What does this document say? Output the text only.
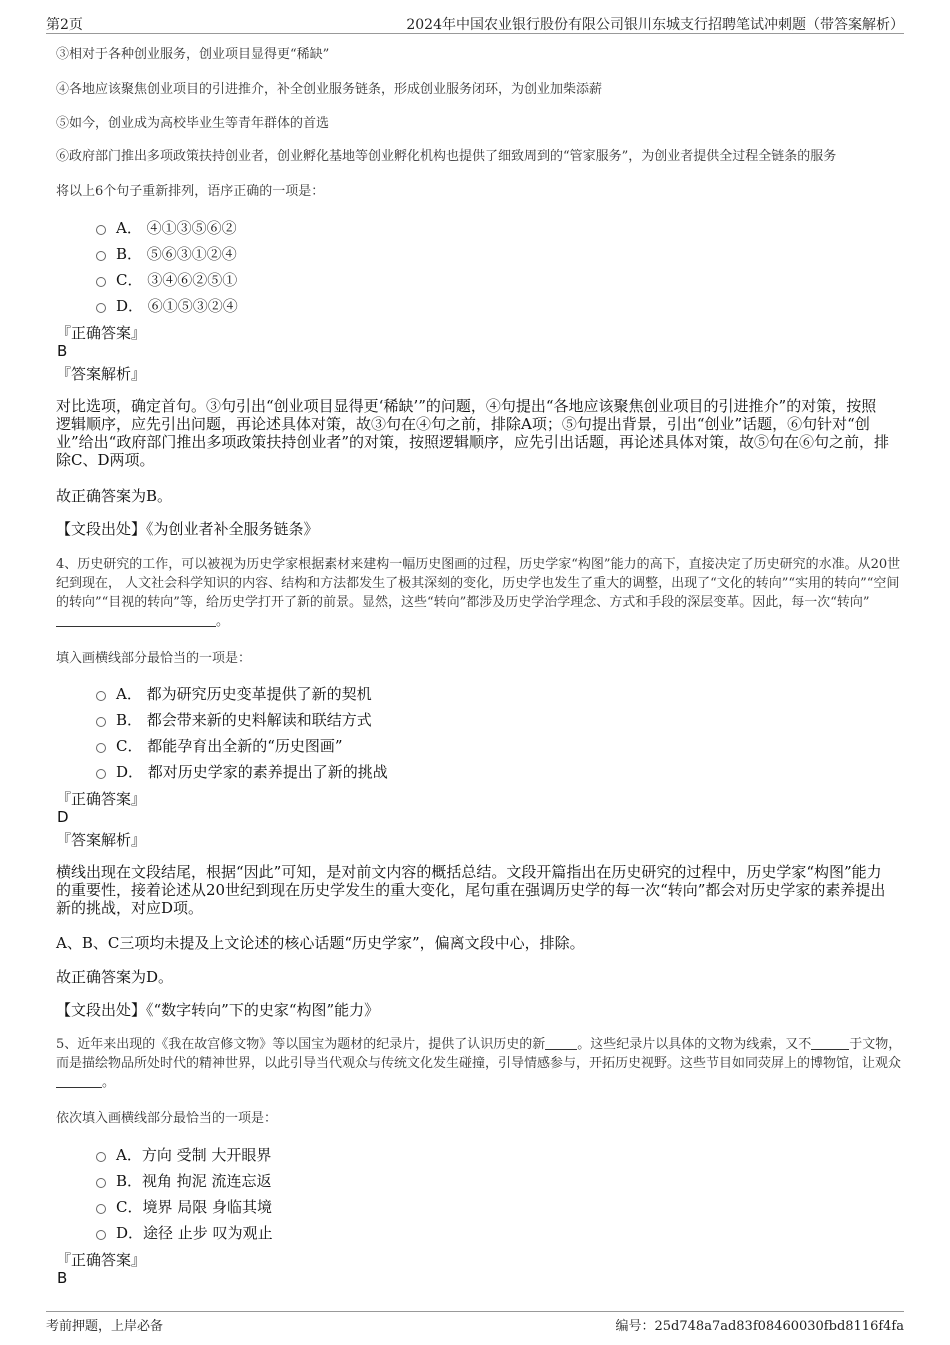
第2页	2024年中国农业银行股份有限公司银川东城支行招聘笔试冲刺题（带答案解析）
③相对于各种创业服务，创业项目显得更“稀缺”
④各地应该聚焦创业项目的引进推介，补全创业服务链条，形成创业服务闭环，为创业加柴添薪
⑤如今，创业成为高校毕业生等青年群体的首选
⑥政府部门推出多项政策扶持创业者，创业孵化基地等创业孵化机构也提供了细致周到的“管家服务”，为创业者提供全过程全链条的服务
将以上6个句子重新排列，语序正确的一项是：
A． ④①③⑤⑥②
B． ⑤⑥③①②④
C． ③④⑥②⑤①
D． ⑥①⑤③②④
『正确答案』
B
『答案解析』
对比选项，确定首句。③句引出“创业项目显得更‘稀缺’”的问题，④句提出“各地应该聚焦创业项目的引进推介”的对策，按照逻辑顺序，应先引出问题，再论述具体对策，故③句在④句之前，排除A项；⑤句提出背景，引出“创业”话题，⑥句针对“创业”给出“政府部门推出多项政策扶持创业者”的对策，按照逻辑顺序，应先引出话题，再论述具体对策，故⑤句在⑥句之前，排除C、D两项。
故正确答案为B。
【文段出处】《为创业者补全服务链条》
4、历史研究的工作，可以被视为历史学家根据素材来建构一幅历史图画的过程，历史学家“构图”能力的高下，直接决定了历史研究的水准。从20世纪到现在， 人文社会科学知识的内容、结构和方法都发生了极其深刻的变化，历史学也发生了重大的调整，出现了“文化的转向”“实用的转向”“空间的转向”“目视的转向”等，给历史学打开了新的前景。显然，这些“转向”都涉及历史学治学理念、方式和手段的深层变革。因此，每一次“转向”。
填入画横线部分最恰当的一项是：
A． 都为研究历史变革提供了新的契机
B． 都会带来新的史料解读和联结方式
C． 都能孕育出全新的“历史图画”
D． 都对历史学家的素养提出了新的挑战
『正确答案』
D
『答案解析』
横线出现在文段结尾，根据“因此”可知，是对前文内容的概括总结。文段开篇指出在历史研究的过程中，历史学家“构图”能力的重要性，接着论述从20世纪到现在历史学发生的重大变化，尾句重在强调历史学的每一次“转向”都会对历史学家的素养提出新的挑战，对应D项。
A、B、C三项均未提及上文论述的核心话题“历史学家”，偏离文段中心，排除。
故正确答案为D。
【文段出处】《“数字转向”下的史家“构图”能力》
5、近年来出现的《我在故宫修文物》等以国宝为题材的纪录片，提供了认识历史的新 。这些纪录片以具体的文物为线索，又不	于文物，而是描绘物品所处时代的精神世界，以此引导当代观众与传统文化发生碰撞，引导情感参与，开拓历史视野。这些节目如同荧屏上的博物馆，让观众。
依次填入画横线部分最恰当的一项是：
A．方向 受制 大开眼界
B．视角 拘泥 流连忘返
C．境界 局限 身临其境
D．途径 止步 叹为观止
『正确答案』
B
考前押题，上岸必备	编号：25d748a7ad83f08460030fbd8116f4fa
